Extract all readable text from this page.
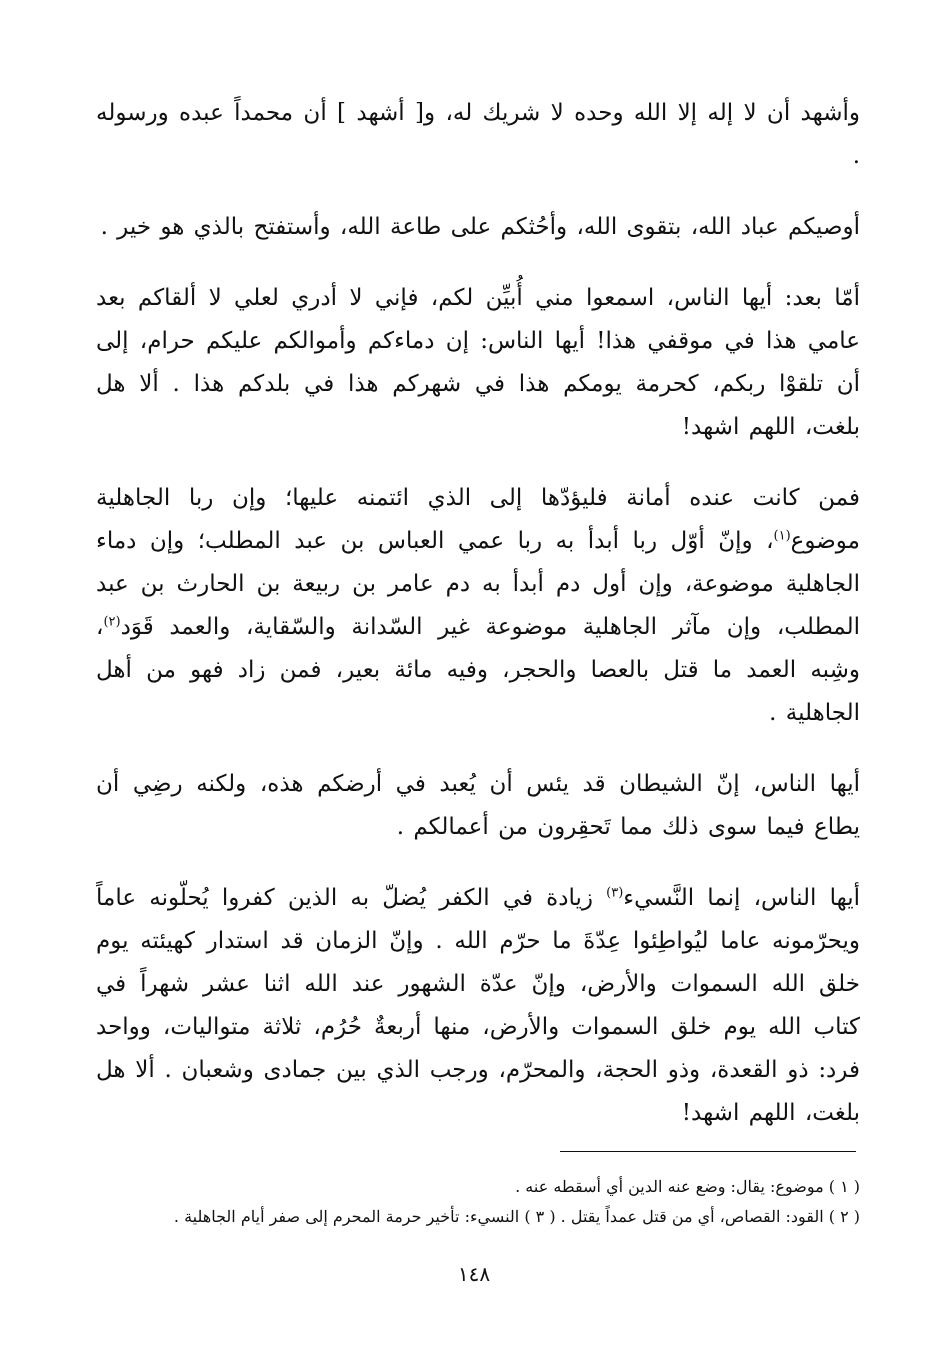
وأشهد أن لا إله إلا الله وحده لا شريك له، و[ أشهد ] أن محمداً عبده ورسوله .

أوصيكم عباد الله، بتقوى الله، وأحُثكم على طاعة الله، وأستفتح بالذي هو خير .

أمّا بعد: أيها الناس، اسمعوا مني أُبيِّن لكم، فإني لا أدري لعلي لا ألقاكم بعد عامي هذا في موقفي هذا! أيها الناس: إن دماءكم وأموالكم عليكم حرام، إلى أن تلقوْا ربكم، كحرمة يومكم هذا في شهركم هذا في بلدكم هذا . ألا هل بلغت، اللهم اشهد!

فمن كانت عنده أمانة فليؤدّها إلى الذي ائتمنه عليها؛ وإن ربا الجاهلية موضوع$^{(١)}$، وإنّ أوّل ربا أبدأ به ربا عمي العباس بن عبد المطلب؛ وإن دماء الجاهلية موضوعة، وإن أول دم أبدأ به دم عامر بن ربيعة بن الحارث بن عبد المطلب، وإن مآثر الجاهلية موضوعة غير السّدانة والسّقاية، والعمد قَوَد$^{(٢)}$، وشِبه العمد ما قتل بالعصا والحجر، وفيه مائة بعير، فمن زاد فهو من أهل الجاهلية .

أيها الناس، إنّ الشيطان قد يئس أن يُعبد في أرضكم هذه، ولكنه رضِي أن يطاع فيما سوى ذلك مما تَحقِرون من أعمالكم .

أيها الناس، إنما النَّسيء$^{(٣)}$ زيادة في الكفر يُضلّ به الذين كفروا يُحلّونه عاماً ويحرّمونه عاما ليُواطِئوا عِدّةَ ما حرّم الله . وإنّ الزمان قد استدار كهيئته يوم خلق الله السموات والأرض، وإنّ عدّة الشهور عند الله اثنا عشر شهراً في كتاب الله يوم خلق السموات والأرض، منها أربعةٌ حُرُم، ثلاثة متواليات، وواحد فرد: ذو القعدة، وذو الحجة، والمحرّم، ورجب الذي بين جمادى وشعبان . ألا هل بلغت، اللهم اشهد!

( ١ ) موضوع: يقال: وضع عنه الدين أي أسقطه عنه .

( ٢ ) القود: القصاص، أي من قتل عمداً يقتل . ( ٣ ) النسيء: تأخير حرمة المحرم إلى صفر أيام الجاهلية .

١٤٨
